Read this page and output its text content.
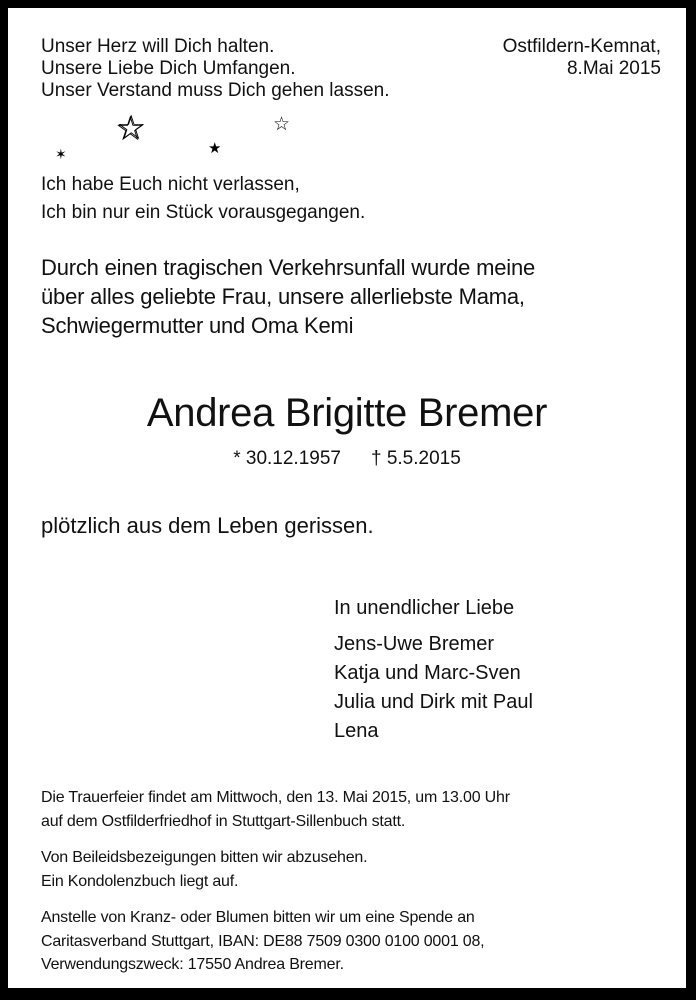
Unser Herz will Dich halten.
Unsere Liebe Dich Umfangen.
Unser Verstand muss Dich gehen lassen.
Ostfildern-Kemnat,
8.Mai 2015
☆	☆
✶	★
Ich habe Euch nicht verlassen,
Ich bin nur ein Stück vorausgegangen.
Durch einen tragischen Verkehrsunfall wurde meine
über alles geliebte Frau, unsere allerliebste Mama,
Schwiegermutter und Oma Kemi
Andrea Brigitte Bremer
* 30.12.1957 † 5.5.2015
plötzlich aus dem Leben gerissen.
In unendlicher Liebe
Jens-Uwe Bremer
Katja und Marc-Sven
Julia und Dirk mit Paul
Lena
Die Trauerfeier findet am Mittwoch, den 13. Mai 2015, um 13.00 Uhr
auf dem Ostfilderfriedhof in Stuttgart-Sillenbuch statt.
Von Beileidsbezeigungen bitten wir abzusehen.
Ein Kondolenzbuch liegt auf.
Anstelle von Kranz- oder Blumen bitten wir um eine Spende an
Caritasverband Stuttgart, IBAN: DE88 7509 0300 0100 0001 08,
Verwendungszweck: 17550 Andrea Bremer.
